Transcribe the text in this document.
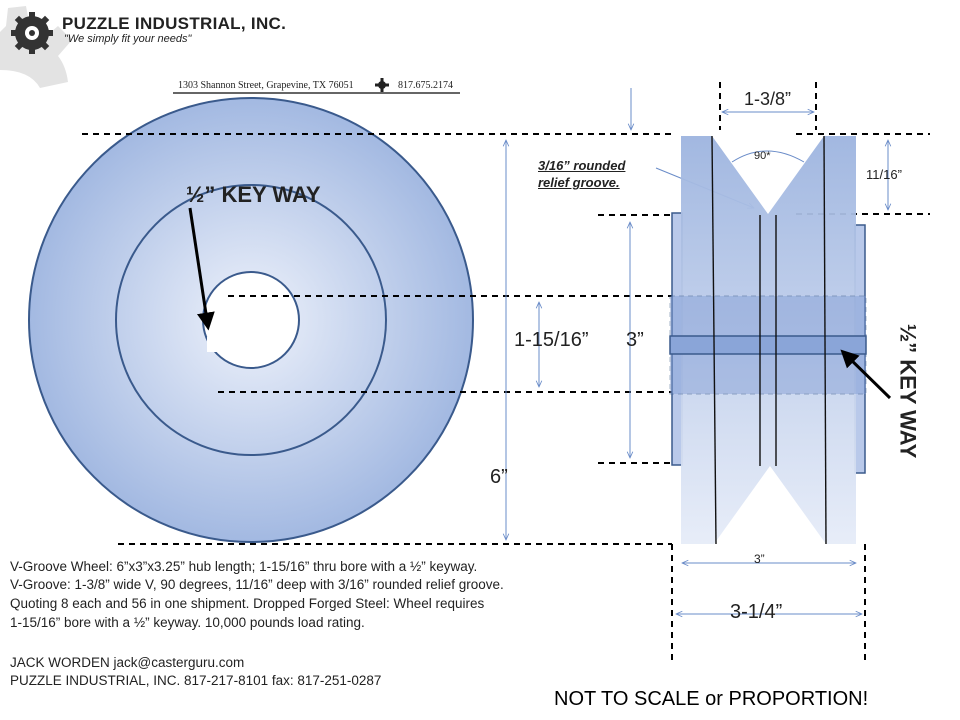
PUZZLE INDUSTRIAL, INC.
"We simply fit your needs"
1303 Shannon Street, Grapevine, TX 76051	817.675.2174
½” KEY WAY
1-15/16” 3”
6”
1-3/8”
90*
11/16”
3/16” rounded
relief groove.
3”
3-1/4”
½” KEY WAY
V-Groove Wheel: 6”x3”x3.25” hub length; 1-15/16” thru bore with a ½” keyway.
V-Groove: 1-3/8” wide V, 90 degrees, 11/16” deep with 3/16” rounded relief groove.
Quoting 8 each and 56 in one shipment. Dropped Forged Steel: Wheel requires
1-15/16” bore with a ½” keyway. 10,000 pounds load rating.
JACK WORDEN jack@casterguru.com
PUZZLE INDUSTRIAL, INC. 817-217-8101 fax: 817-251-0287
NOT TO SCALE or PROPORTION!
